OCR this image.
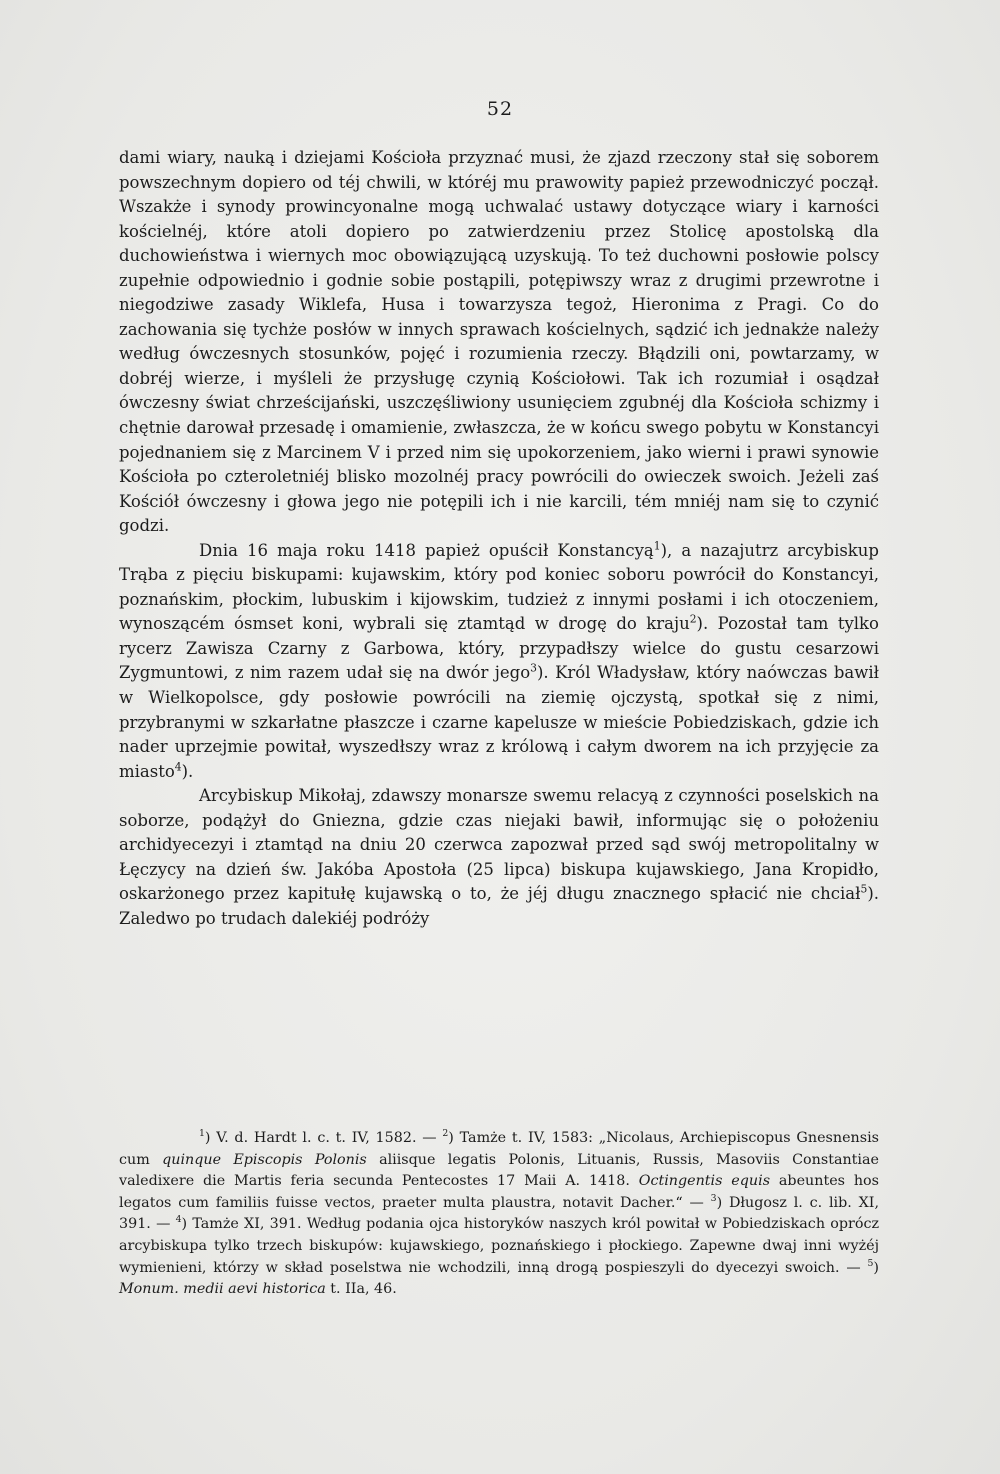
52

dami wiary, nauką i dziejami Kościoła przyznać musi, że zjazd rzeczony stał się soborem powszechnym dopiero od téj chwili, w któréj mu prawowity papież przewodniczyć począł. Wszakże i synody prowincyonalne mogą uchwalać ustawy dotyczące wiary i karności kościelnéj, które atoli dopiero po zatwierdzeniu przez Stolicę apostolską dla duchowieństwa i wiernych moc obowiązującą uzyskują. To też duchowni posłowie polscy zupełnie odpowiednio i godnie sobie postąpili, potępiwszy wraz z drugimi przewrotne i niegodziwe zasady Wiklefa, Husa i towarzysza tegoż, Hieronima z Pragi. Co do zachowania się tychże posłów w innych sprawach kościelnych, sądzić ich jednakże należy według ówczesnych stosunków, pojęć i rozumienia rzeczy. Błądzili oni, powtarzamy, w dobréj wierze, i myśleli że przysługę czynią Kościołowi. Tak ich rozumiał i osądzał ówczesny świat chrześcijański, uszczęśliwiony usunięciem zgubnéj dla Kościoła schizmy i chętnie darował przesadę i omamienie, zwłaszcza, że w końcu swego pobytu w Konstancyi pojednaniem się z Marcinem V i przed nim się upokorzeniem, jako wierni i prawi synowie Kościoła po czteroletniéj blisko mozolnéj pracy powrócili do owieczek swoich. Jeżeli zaś Kościół ówczesny i głowa jego nie potępili ich i nie karcili, tém mniéj nam się to czynić godzi.

Dnia 16 maja roku 1418 papież opuścił Konstancyą$^1$), a nazajutrz arcybiskup Trąba z pięciu biskupami: kujawskim, który pod koniec soboru powrócił do Konstancyi, poznańskim, płockim, lubuskim i kijowskim, tudzież z innymi posłami i ich otoczeniem, wynoszącém ósmset koni, wybrali się ztamtąd w drogę do kraju$^2$). Pozostał tam tylko rycerz Zawisza Czarny z Garbowa, który, przypadłszy wielce do gustu cesarzowi Zygmuntowi, z nim razem udał się na dwór jego$^3$). Król Władysław, który naówczas bawił w Wielkopolsce, gdy posłowie powrócili na ziemię ojczystą, spotkał się z nimi, przybranymi w szkarłatne płaszcze i czarne kapelusze w mieście Pobiedziskach, gdzie ich nader uprzejmie powitał, wyszedłszy wraz z królową i całym dworem na ich przyjęcie za miasto$^4$).

Arcybiskup Mikołaj, zdawszy monarsze swemu relacyą z czynności poselskich na soborze, podążył do Gniezna, gdzie czas niejaki bawił, informując się o położeniu archidyecezyi i ztamtąd na dniu 20 czerwca zapozwał przed sąd swój metropolitalny w Łęczycy na dzień św. Jakóba Apostoła (25 lipca) biskupa kujawskiego, Jana Kropidło, oskarżonego przez kapitułę kujawską o to, że jéj długu znacznego spłacić nie chciał$^5$). Zaledwo po trudach dalekiéj podróży

$^1$) V. d. Hardt l. c. t. IV, 1582. — $^2$) Tamże t. IV, 1583: „Nicolaus, Archiepiscopus Gnesnensis cum quinque Episcopis Polonis aliisque legatis Polonis, Lituanis, Russis, Masoviis Constantiae valedixere die Martis feria secunda Pentecostes 17 Maii A. 1418. Octingentis equis abeuntes hos legatos cum familiis fuisse vectos, praeter multa plaustra, notavit Dacher.“ — $^3$) Długosz l. c. lib. XI, 391. — $^4$) Tamże XI, 391. Według podania ojca historyków naszych król powitał w Pobiedziskach oprócz arcybiskupa tylko trzech biskupów: kujawskiego, poznańskiego i płockiego. Zapewne dwaj inni wyżéj wymienieni, którzy w skład poselstwa nie wchodzili, inną drogą pospieszyli do dyecezyi swoich. — $^5$) Monum. medii aevi historica t. IIa, 46.
